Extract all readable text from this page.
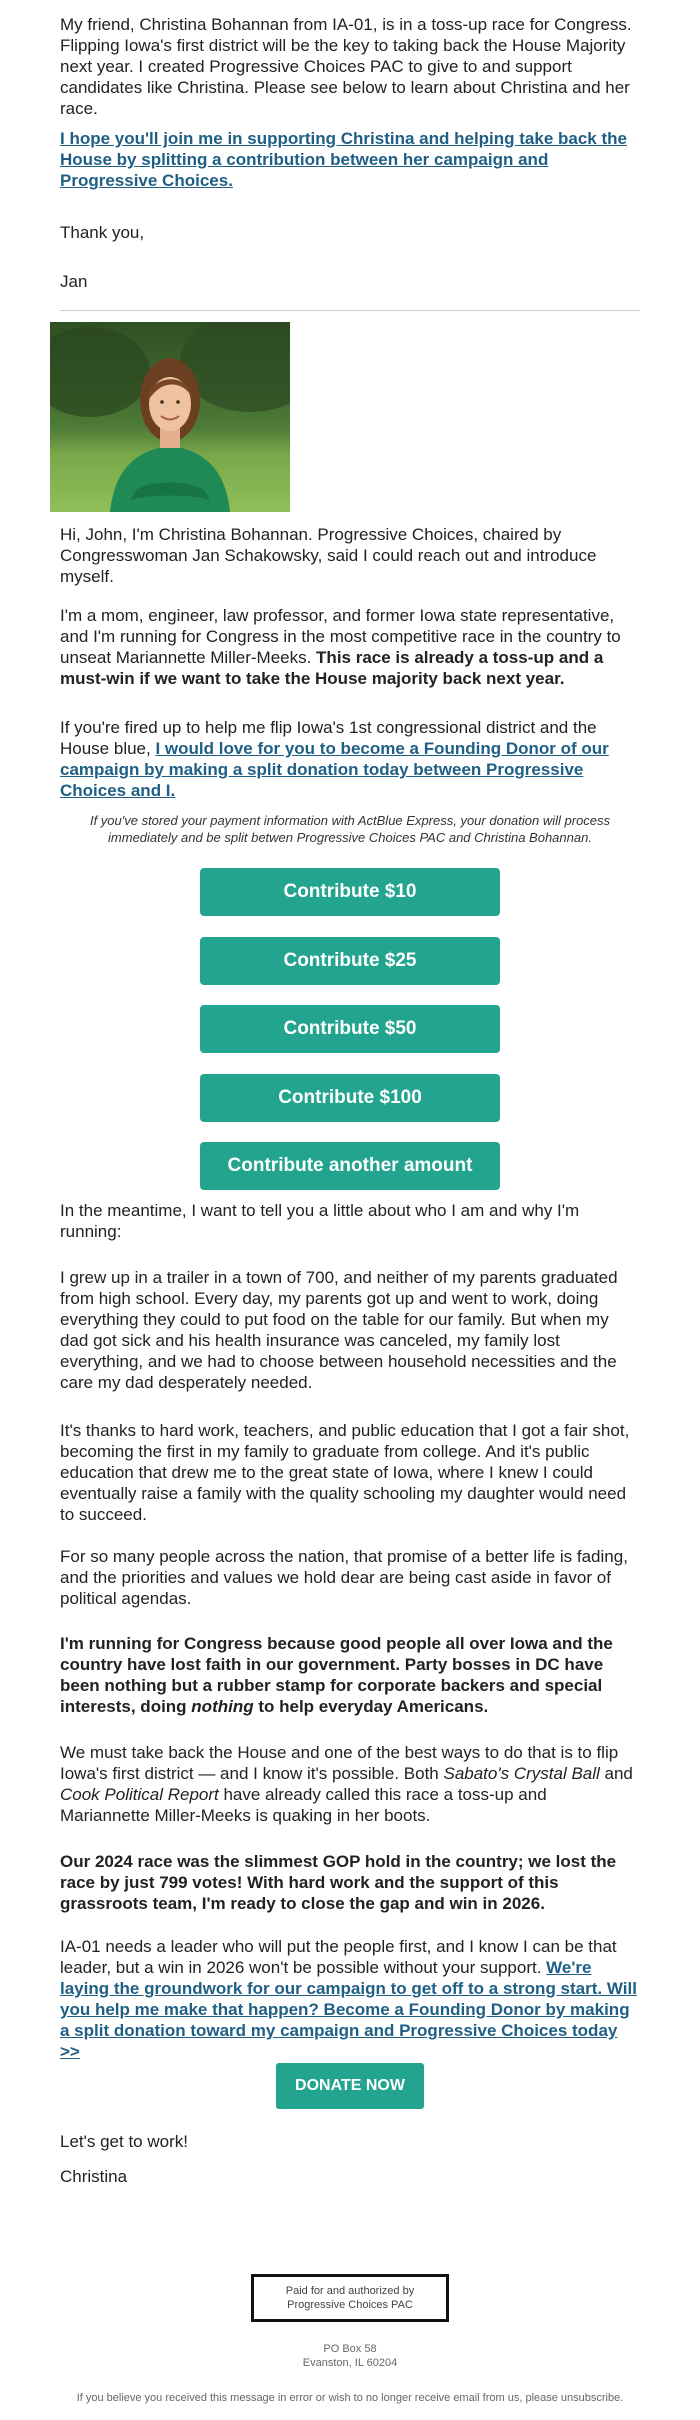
My friend, Christina Bohannan from IA-01, is in a toss-up race for Congress. Flipping Iowa's first district will be the key to taking back the House Majority next year. I created Progressive Choices PAC to give to and support candidates like Christina. Please see below to learn about Christina and her race.

I hope you'll join me in supporting Christina and helping take back the House by splitting a contribution between her campaign and Progressive Choices.

Thank you,

Jan

Hi, John, I'm Christina Bohannan. Progressive Choices, chaired by Congresswoman Jan Schakowsky, said I could reach out and introduce myself.

I'm a mom, engineer, law professor, and former Iowa state representative, and I'm running for Congress in the most competitive race in the country to unseat Mariannette Miller-Meeks. This race is already a toss-up and a must-win if we want to take the House majority back next year.

If you're fired up to help me flip Iowa's 1st congressional district and the House blue, I would love for you to become a Founding Donor of our campaign by making a split donation today between Progressive Choices and I.

If you've stored your payment information with ActBlue Express, your donation will process immediately and be split betwen Progressive Choices PAC and Christina Bohannan.
Contribute $10
Contribute $25
Contribute $50
Contribute $100
Contribute another amount

In the meantime, I want to tell you a little about who I am and why I'm running:

I grew up in a trailer in a town of 700, and neither of my parents graduated from high school. Every day, my parents got up and went to work, doing everything they could to put food on the table for our family. But when my dad got sick and his health insurance was canceled, my family lost everything, and we had to choose between household necessities and the care my dad desperately needed.

It's thanks to hard work, teachers, and public education that I got a fair shot, becoming the first in my family to graduate from college. And it's public education that drew me to the great state of Iowa, where I knew I could eventually raise a family with the quality schooling my daughter would need to succeed.

For so many people across the nation, that promise of a better life is fading, and the priorities and values we hold dear are being cast aside in favor of political agendas.

I'm running for Congress because good people all over Iowa and the country have lost faith in our government. Party bosses in DC have been nothing but a rubber stamp for corporate backers and special interests, doing nothing to help everyday Americans.

We must take back the House and one of the best ways to do that is to flip Iowa's first district — and I know it's possible. Both Sabato's Crystal Ball and Cook Political Report have already called this race a toss-up and Mariannette Miller-Meeks is quaking in her boots.

Our 2024 race was the slimmest GOP hold in the country; we lost the race by just 799 votes! With hard work and the support of this grassroots team, I'm ready to close the gap and win in 2026.

IA-01 needs a leader who will put the people first, and I know I can be that leader, but a win in 2026 won't be possible without your support. We're laying the groundwork for our campaign to get off to a strong start. Will you help me make that happen? Become a Founding Donor by making a split donation toward my campaign and Progressive Choices today >>

DONATE NOW

Let's get to work!

Christina

Paid for and authorized by
Progressive Choices PAC
PO Box 58
Evanston, IL 60204
If you believe you received this message in error or wish to no longer receive email from us, please unsubscribe.
